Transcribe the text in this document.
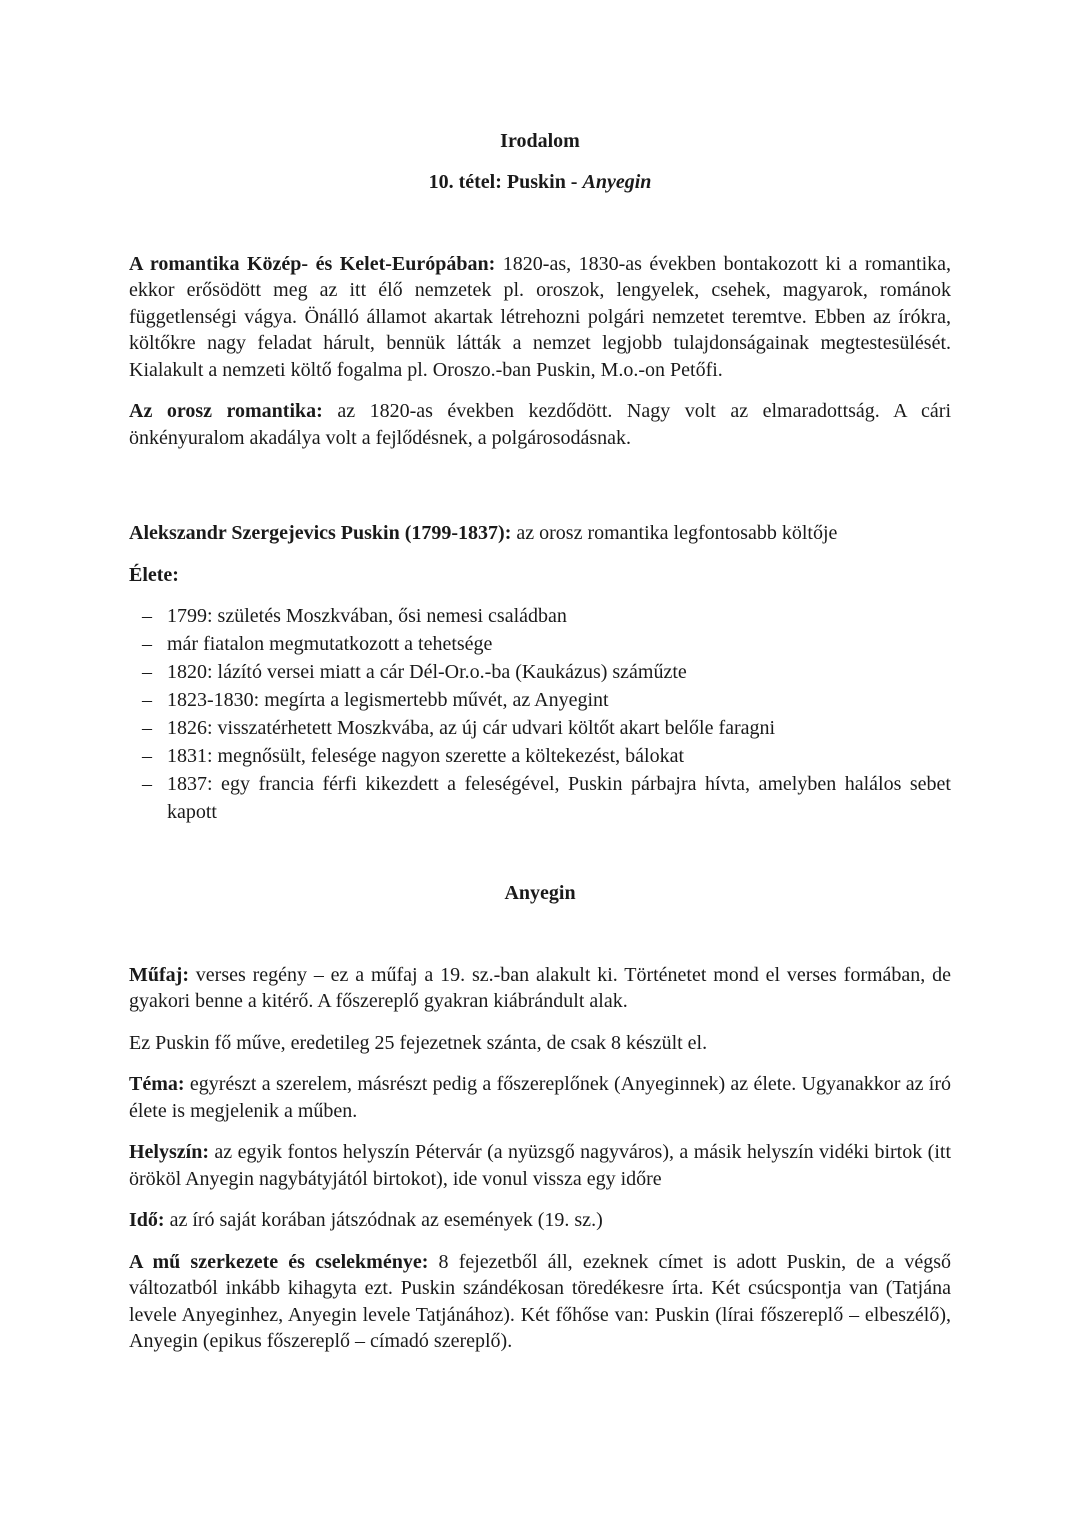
Irodalom
10. tétel: Puskin - Anyegin

A romantika Közép- és Kelet-Európában: 1820-as, 1830-as években bontakozott ki a romantika, ekkor erősödött meg az itt élő nemzetek pl. oroszok, lengyelek, csehek, magyarok, románok függetlenségi vágya. Önálló államot akartak létrehozni polgári nemzetet teremtve. Ebben az írókra, költőkre nagy feladat hárult, bennük látták a nemzet legjobb tulajdonságainak megtestesülését. Kialakult a nemzeti költő fogalma pl. Oroszo.-ban Puskin, M.o.-on Petőfi.

Az orosz romantika: az 1820-as években kezdődött. Nagy volt az elmaradottság. A cári önkényuralom akadálya volt a fejlődésnek, a polgárosodásnak.

Alekszandr Szergejevics Puskin (1799-1837): az orosz romantika legfontosabb költője

Élete:

– 1799: születés Moszkvában, ősi nemesi családban
– már fiatalon megmutatkozott a tehetsége
– 1820: lázító versei miatt a cár Dél-Or.o.-ba (Kaukázus) száműzte
– 1823-1830: megírta a legismertebb művét, az Anyegint
– 1826: visszatérhetett Moszkvába, az új cár udvari költőt akart belőle faragni
– 1831: megnősült, felesége nagyon szerette a költekezést, bálokat
– 1837: egy francia férfi kikezdett a feleségével, Puskin párbajra hívta, amelyben halálos sebet kapott
Anyegin

Műfaj: verses regény – ez a műfaj a 19. sz.-ban alakult ki. Történetet mond el verses formában, de gyakori benne a kitérő. A főszereplő gyakran kiábrándult alak.

Ez Puskin fő műve, eredetileg 25 fejezetnek szánta, de csak 8 készült el.

Téma: egyrészt a szerelem, másrészt pedig a főszereplőnek (Anyeginnek) az élete. Ugyanakkor az író élete is megjelenik a műben.

Helyszín: az egyik fontos helyszín Pétervár (a nyüzsgő nagyváros), a másik helyszín vidéki birtok (itt örököl Anyegin nagybátyjától birtokot), ide vonul vissza egy időre

Idő: az író saját korában játszódnak az események (19. sz.)

A mű szerkezete és cselekménye: 8 fejezetből áll, ezeknek címet is adott Puskin, de a végső változatból inkább kihagyta ezt. Puskin szándékosan töredékesre írta. Két csúcspontja van (Tatjána levele Anyeginhez, Anyegin levele Tatjánához). Két főhőse van: Puskin (lírai főszereplő – elbeszélő), Anyegin (epikus főszereplő – címadó szereplő).
